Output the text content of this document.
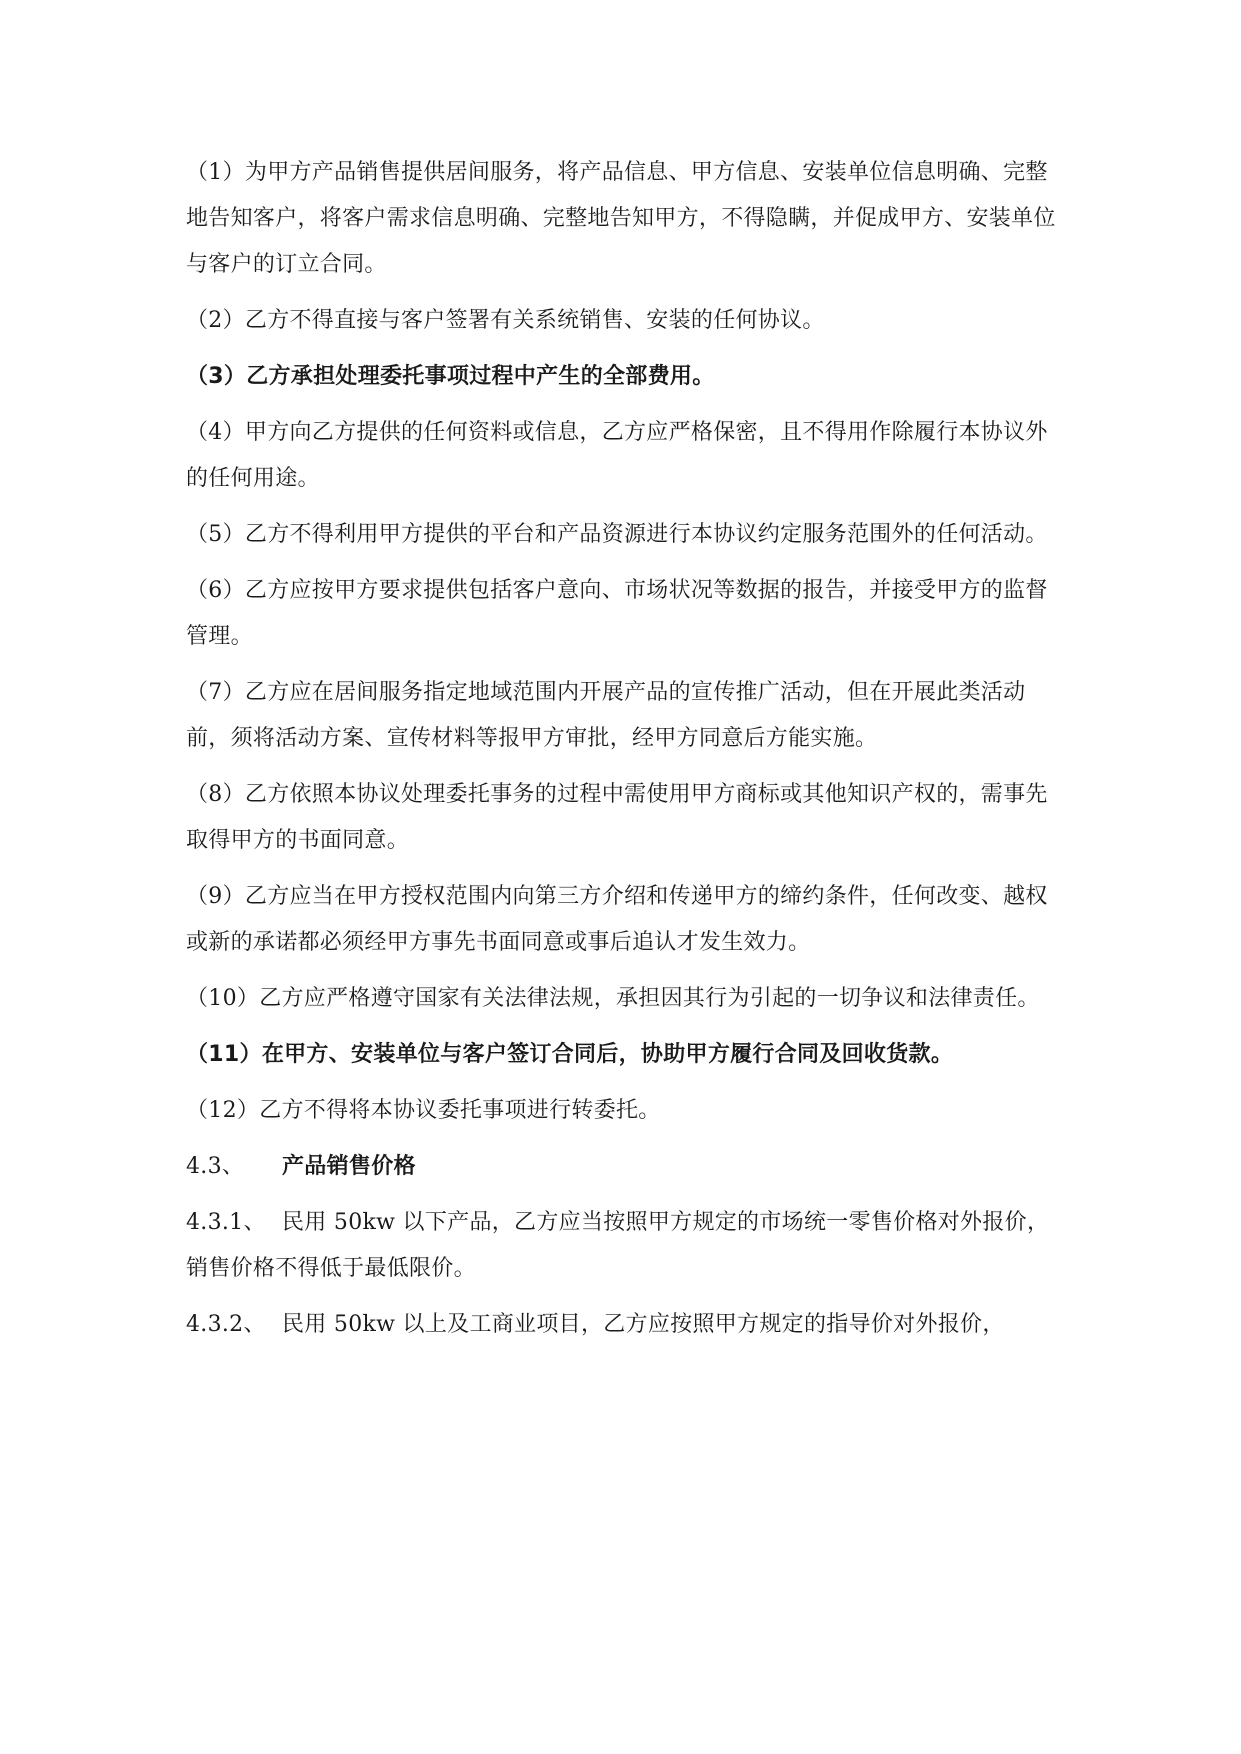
（1）为甲方产品销售提供居间服务，将产品信息、甲方信息、安装单位信息明确、完整地告知客户，将客户需求信息明确、完整地告知甲方，不得隐瞒，并促成甲方、安装单位与客户的订立合同。

（2）乙方不得直接与客户签署有关系统销售、安装的任何协议。

（3）乙方承担处理委托事项过程中产生的全部费用。

（4）甲方向乙方提供的任何资料或信息，乙方应严格保密，且不得用作除履行本协议外的任何用途。

（5）乙方不得利用甲方提供的平台和产品资源进行本协议约定服务范围外的任何活动。

（6）乙方应按甲方要求提供包括客户意向、市场状况等数据的报告，并接受甲方的监督管理。

（7）乙方应在居间服务指定地域范围内开展产品的宣传推广活动，但在开展此类活动前，须将活动方案、宣传材料等报甲方审批，经甲方同意后方能实施。

（8）乙方依照本协议处理委托事务的过程中需使用甲方商标或其他知识产权的，需事先取得甲方的书面同意。

（9）乙方应当在甲方授权范围内向第三方介绍和传递甲方的缔约条件，任何改变、越权或新的承诺都必须经甲方事先书面同意或事后追认才发生效力。

（10）乙方应严格遵守国家有关法律法规，承担因其行为引起的一切争议和法律责任。

（11）在甲方、安装单位与客户签订合同后，协助甲方履行合同及回收货款。

（12）乙方不得将本协议委托事项进行转委托。

4.3、 产品销售价格

4.3.1、 民用 50kw 以下产品，乙方应当按照甲方规定的市场统一零售价格对外报价，销售价格不得低于最低限价。

4.3.2、 民用 50kw 以上及工商业项目，乙方应按照甲方规定的指导价对外报价，
